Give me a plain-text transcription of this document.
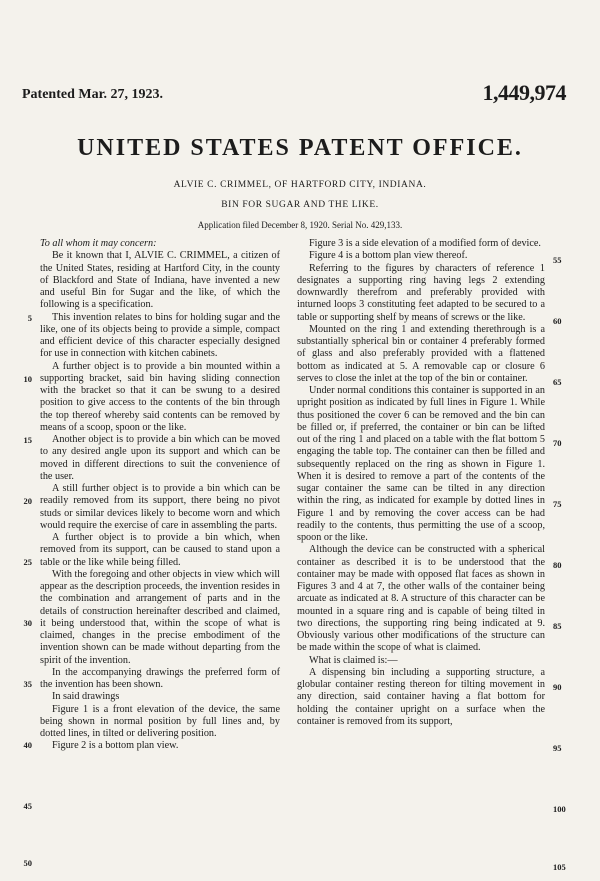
Patented Mar. 27, 1923.	1,449,974
UNITED STATES PATENT OFFICE.
ALVIE C. CRIMMEL, OF HARTFORD CITY, INDIANA.
BIN FOR SUGAR AND THE LIKE.
Application filed December 8, 1920. Serial No. 429,133.

To all whom it may concern:

Be it known that I, ALVIE C. CRIMMEL, a citizen of the United States, residing at Hartford City, in the county of Blackford and State of Indiana, have invented a new and useful Bin for Sugar and the like, of which the following is a specification.

This invention relates to bins for holding sugar and the like, one of its objects being to provide a simple, compact and efficient device of this character especially designed for use in connection with kitchen cabinets.

A further object is to provide a bin mounted within a supporting bracket, said bin having sliding connection with the bracket so that it can be swung to a desired position to give access to the contents of the bin through the top thereof whereby said contents can be removed by means of a scoop, spoon or the like.

Another object is to provide a bin which can be moved to any desired angle upon its support and which can be moved in different directions to suit the convenience of the user.

A still further object is to provide a bin which can be readily removed from its support, there being no pivot studs or similar devices likely to become worn and which would require the exercise of care in assembling the parts.

A further object is to provide a bin which, when removed from its support, can be caused to stand upon a table or the like while being filled.

With the foregoing and other objects in view which will appear as the description proceeds, the invention resides in the combination and arrangement of parts and in the details of construction hereinafter described and claimed, it being understood that, within the scope of what is claimed, changes in the precise embodiment of the invention shown can be made without departing from the spirit of the invention.

In the accompanying drawings the preferred form of the invention has been shown.

In said drawings

Figure 1 is a front elevation of the device, the same being shown in normal position by full lines and, by dotted lines, in tilted or delivering position.

Figure 2 is a bottom plan view.

Figure 3 is a side elevation of a modified form of device.

Figure 4 is a bottom plan view thereof.

Referring to the figures by characters of reference 1 designates a supporting ring having legs 2 extending downwardly therefrom and preferably provided with inturned loops 3 constituting feet adapted to be secured to a table or supporting shelf by means of screws or the like.

Mounted on the ring 1 and extending therethrough is a substantially spherical bin or container 4 preferably formed of glass and also preferably provided with a flattened bottom as indicated at 5. A removable cap or closure 6 serves to close the inlet at the top of the bin or container.

Under normal conditions this container is supported in an upright position as indicated by full lines in Figure 1. While thus positioned the cover 6 can be removed and the bin can be filled or, if preferred, the container or bin can be lifted out of the ring 1 and placed on a table with the flat bottom 5 engaging the table top. The container can then be filled and subsequently replaced on the ring as shown in Figure 1. When it is desired to remove a part of the contents of the sugar container the same can be tilted in any direction within the ring, as indicated for example by dotted lines in Figure 1 and by removing the cover access can be had readily to the contents, thus permitting the use of a scoop, spoon or the like.

Although the device can be constructed with a spherical container as described it is to be understood that the container may be made with opposed flat faces as shown in Figures 3 and 4 at 7, the other walls of the container being arcuate as indicated at 8. A structure of this character can be mounted in a square ring and is capable of being tilted in two directions, the supporting ring being indicated at 9. Obviously various other modifications of the structure can be made within the scope of what is claimed.

What is claimed is:—

A dispensing bin including a supporting structure, a globular container resting thereon for tilting movement in any direction, said container having a flat bottom for holding the container upright on a surface when the container is removed from its support,

5
10
15
20
25
30
35
40
45
50
55
60
65
70
75
80
85
90
95
100
105
